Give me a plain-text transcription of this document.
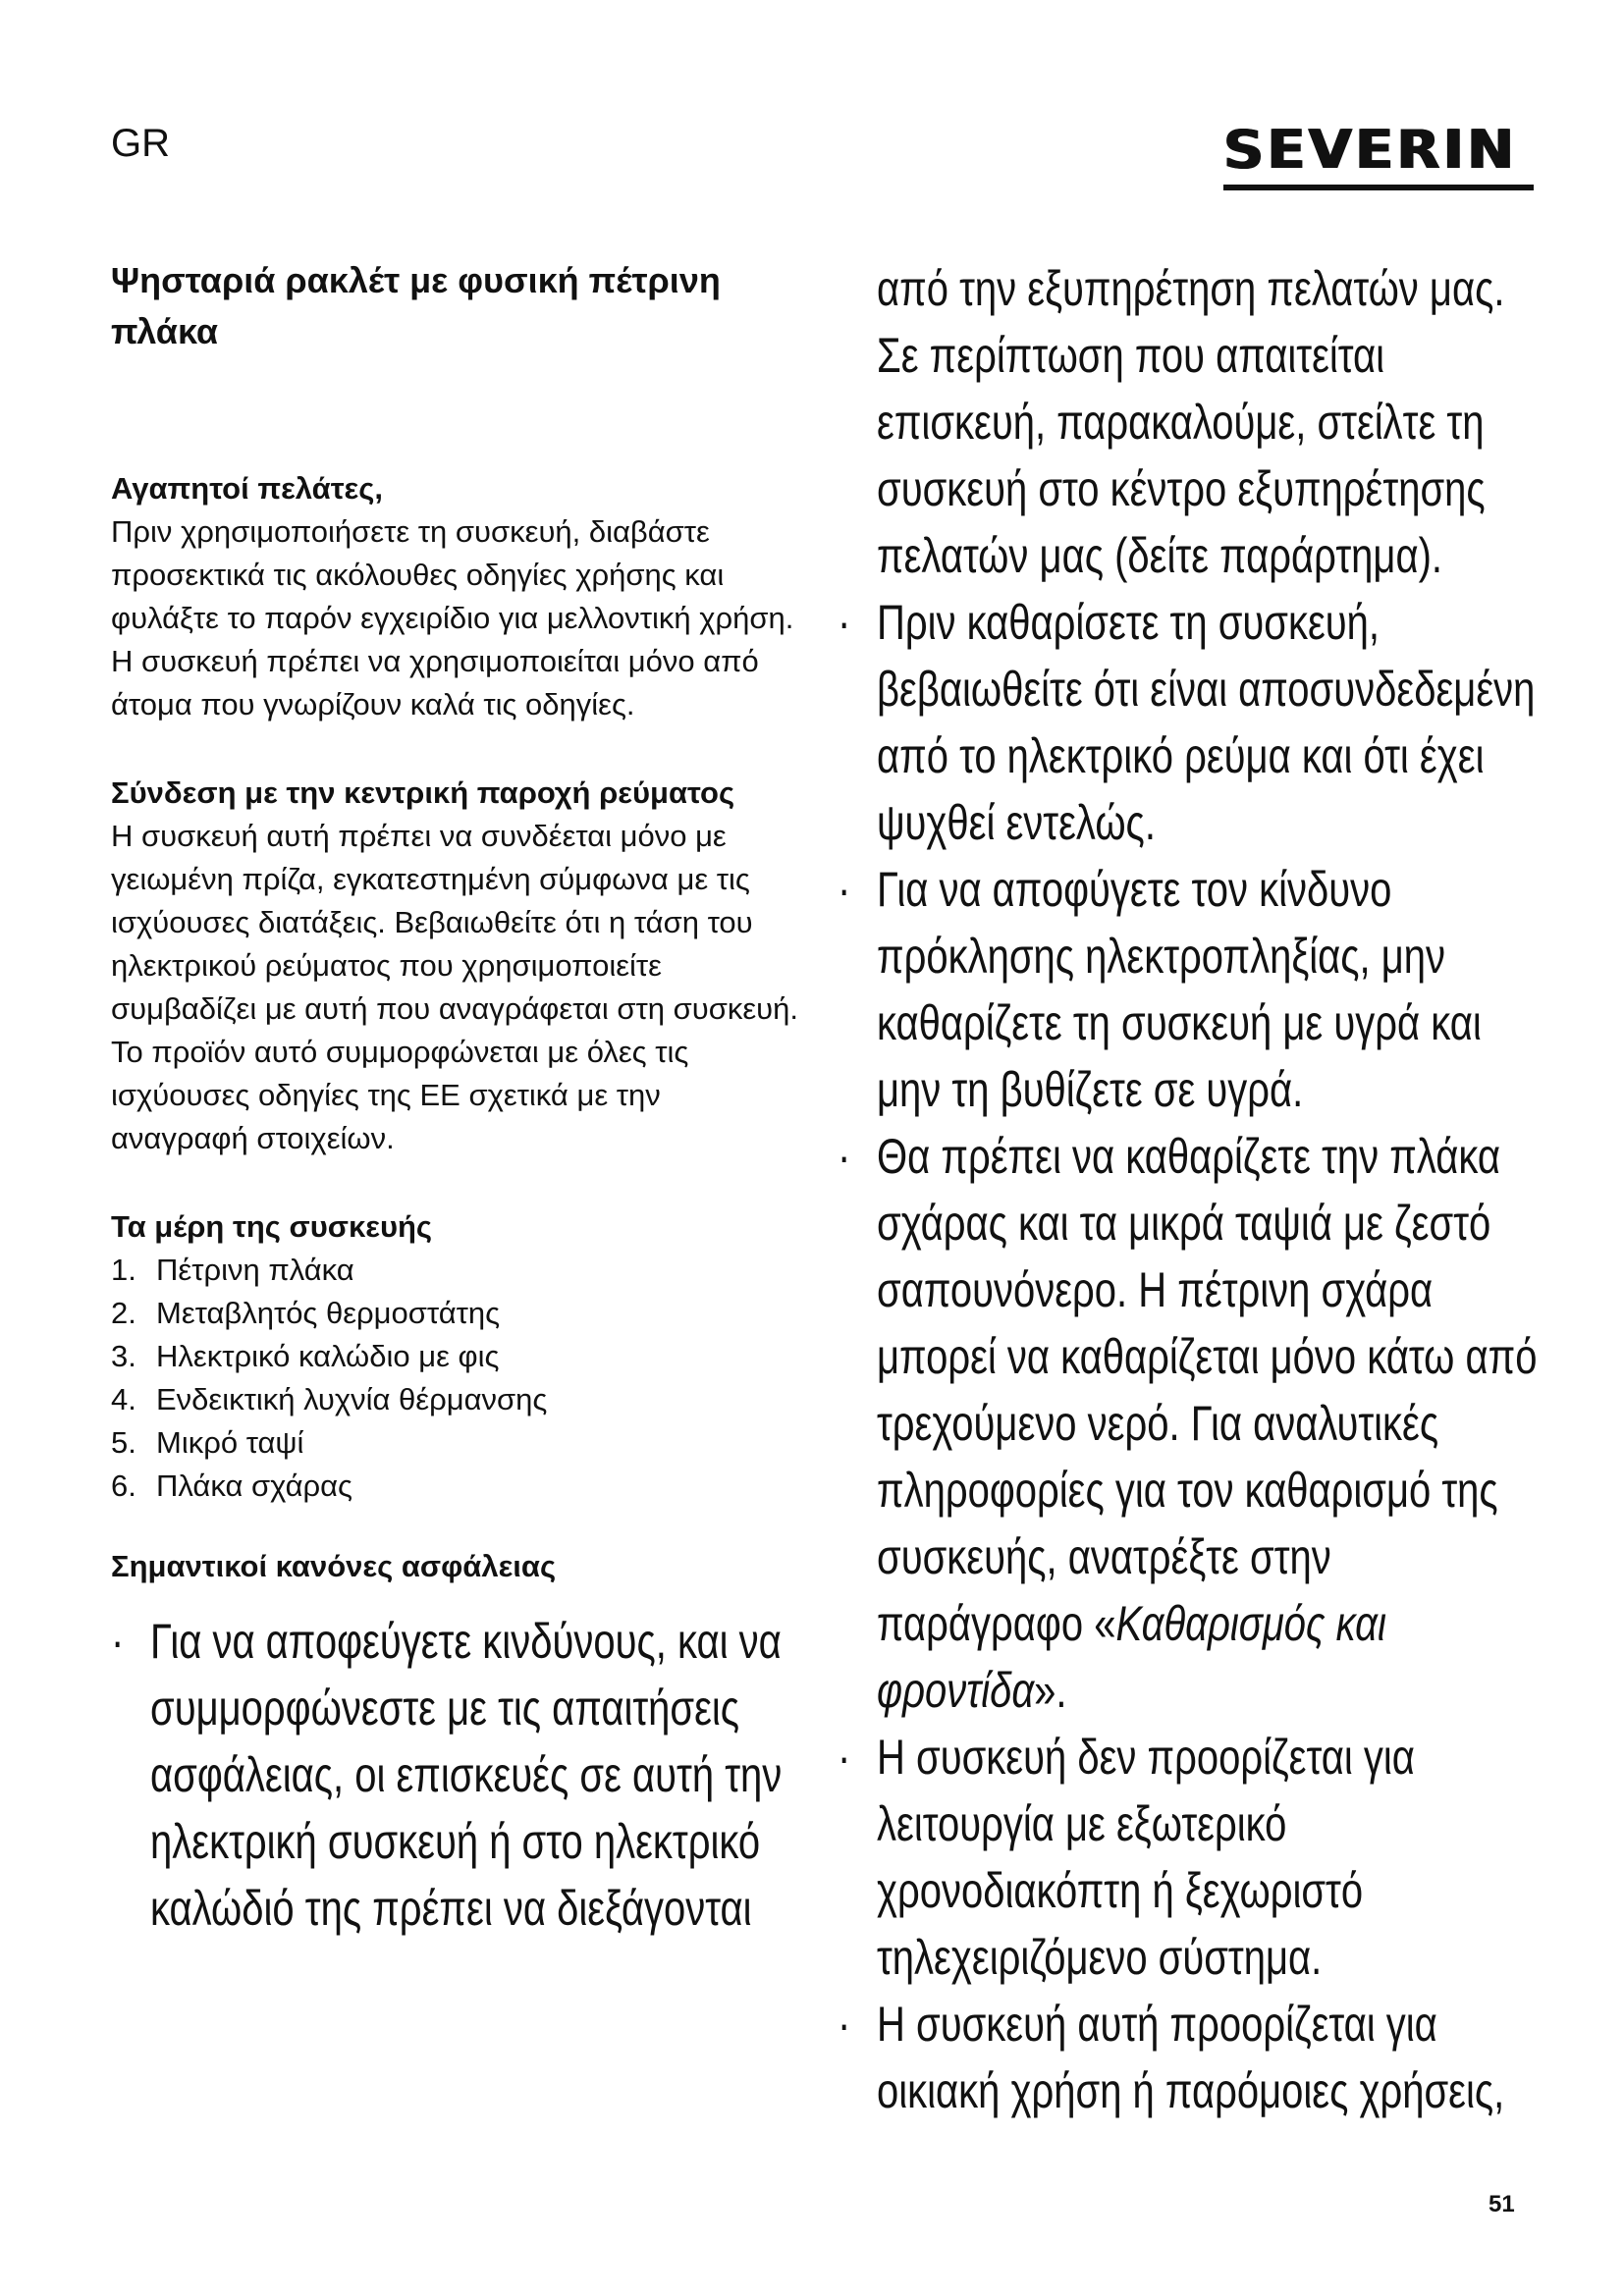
GR	SEVERIN
Ψησταριά ρακλέτ με φυσική πέτρινη πλάκα
Αγαπητοί πελάτες,
Πριν χρησιμοποιήσετε τη συσκευή, διαβάστε προσεκτικά τις ακόλουθες οδηγίες χρήσης και φυλάξτε το παρόν εγχειρίδιο για μελλοντική χρήση. Η συσκευή πρέπει να χρησιμοποιείται μόνο από άτομα που γνωρίζουν καλά τις οδηγίες.
Σύνδεση με την κεντρική παροχή ρεύματος
Η συσκευή αυτή πρέπει να συνδέεται μόνο με γειωμένη πρίζα, εγκατεστημένη σύμφωνα με τις ισχύουσες διατάξεις. Βεβαιωθείτε ότι η τάση του ηλεκτρικού ρεύματος που χρησιμοποιείτε συμβαδίζει με αυτή που αναγράφεται στη συσκευή. Το προϊόν αυτό συμμορφώνεται με όλες τις ισχύουσες οδηγίες της ΕΕ σχετικά με την αναγραφή στοιχείων.
Τα μέρη της συσκευής
1. Πέτρινη πλάκα
2. Μεταβλητός θερμοστάτης
3. Ηλεκτρικό καλώδιο με φις
4. Ενδεικτική λυχνία θέρμανσης
5. Μικρό ταψί
6. Πλάκα σχάρας
Σημαντικοί κανόνες ασφάλειας
· Για να αποφεύγετε κινδύνους, και να συμμορφώνεστε με τις απαιτήσεις ασφάλειας, οι επισκευές σε αυτή την ηλεκτρική συσκευή ή στο ηλεκτρικό καλώδιό της πρέπει να διεξάγονται
από την εξυπηρέτηση πελατών μας. Σε περίπτωση που απαιτείται επισκευή, παρακαλούμε, στείλτε τη συσκευή στο κέντρο εξυπηρέτησης πελατών μας (δείτε παράρτημα).
· Πριν καθαρίσετε τη συσκευή, βεβαιωθείτε ότι είναι αποσυνδεδεμένη από το ηλεκτρικό ρεύμα και ότι έχει ψυχθεί εντελώς.
· Για να αποφύγετε τον κίνδυνο πρόκλησης ηλεκτροπληξίας, μην καθαρίζετε τη συσκευή με υγρά και μην τη βυθίζετε σε υγρά.
· Θα πρέπει να καθαρίζετε την πλάκα σχάρας και τα μικρά ταψιά με ζεστό σαπουνόνερο. Η πέτρινη σχάρα μπορεί να καθαρίζεται μόνο κάτω από τρεχούμενο νερό. Για αναλυτικές πληροφορίες για τον καθαρισμό της συσκευής, ανατρέξτε στην παράγραφο «Καθαρισμός και φροντίδα».
· Η συσκευή δεν προορίζεται για λειτουργία με εξωτερικό χρονοδιακόπτη ή ξεχωριστό τηλεχειριζόμενο σύστημα.
· Η συσκευή αυτή προορίζεται για οικιακή χρήση ή παρόμοιες χρήσεις,
51
